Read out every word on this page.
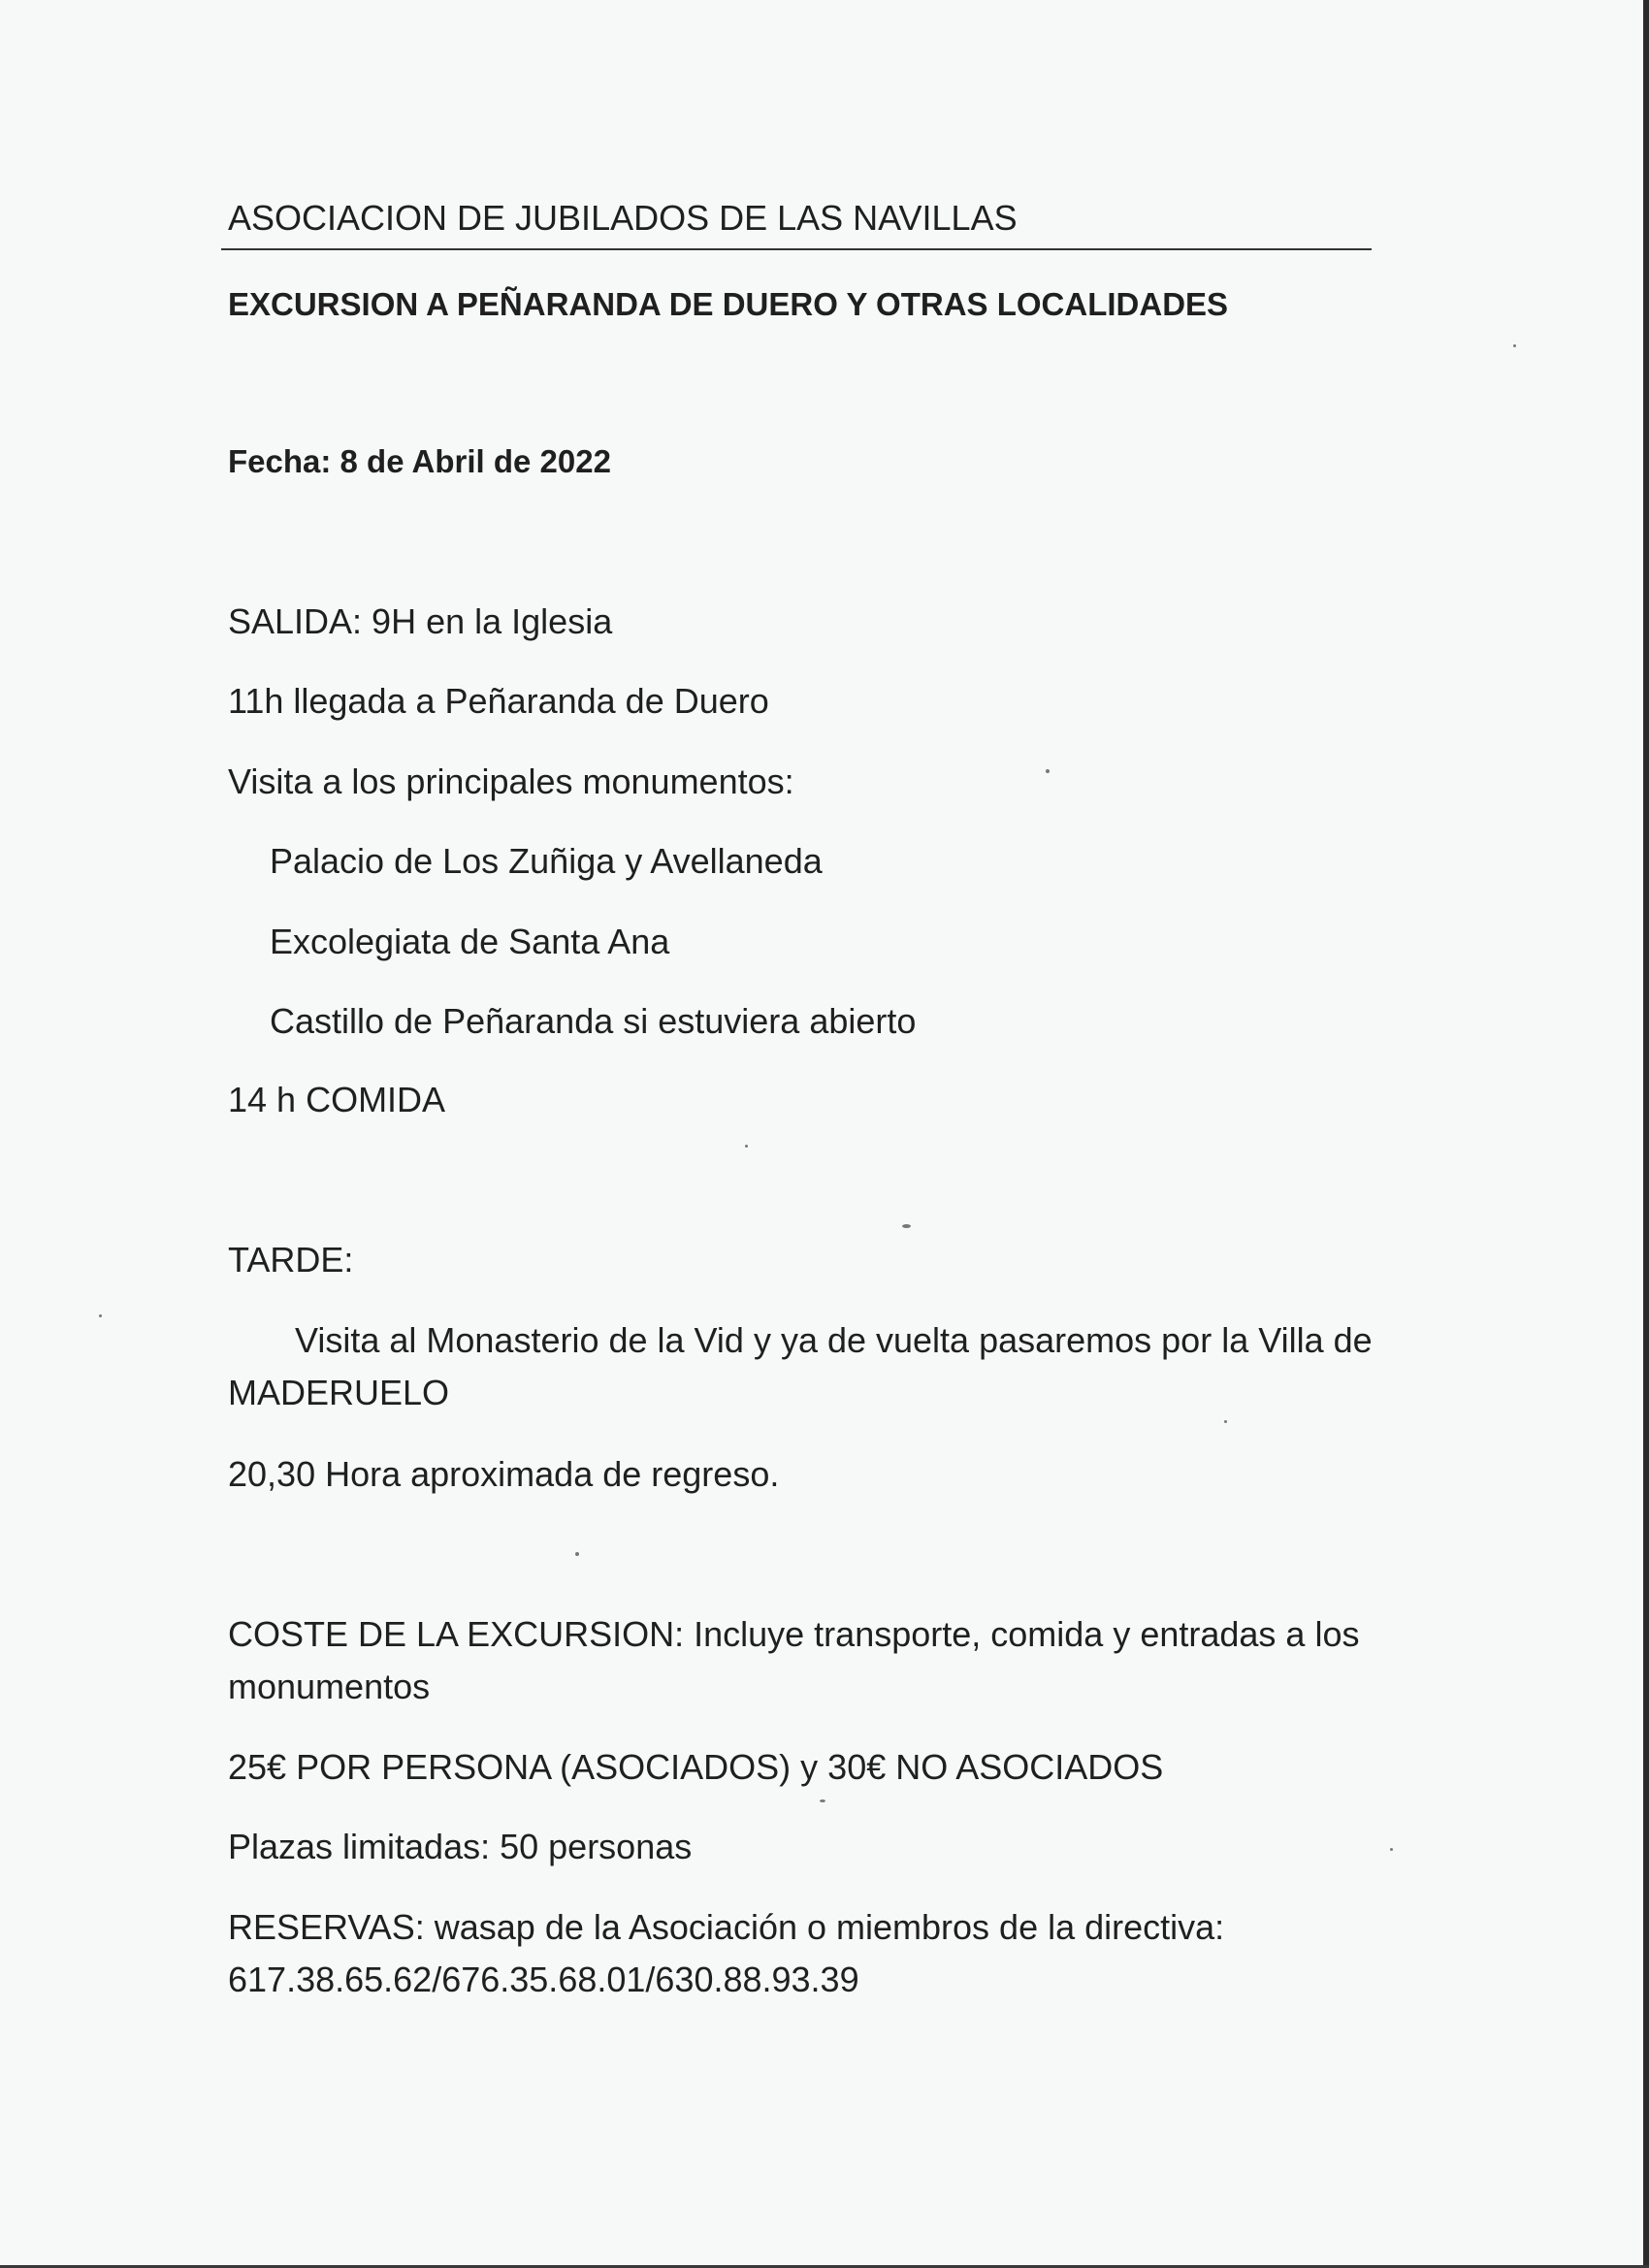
ASOCIACION DE JUBILADOS DE LAS NAVILLAS
EXCURSION A PEÑARANDA DE DUERO Y OTRAS LOCALIDADES
Fecha: 8 de Abril de 2022
SALIDA: 9H en la Iglesia
11h llegada a Peñaranda de Duero
Visita a los principales monumentos:
Palacio de Los Zuñiga y Avellaneda
Excolegiata de Santa Ana
Castillo de Peñaranda si estuviera abierto
14 h COMIDA
TARDE:
Visita al Monasterio de la Vid y ya de vuelta pasaremos por la Villa de
MADERUELO
20,30 Hora aproximada de regreso.
COSTE DE LA EXCURSION: Incluye transporte, comida y entradas a los
monumentos
25€ POR PERSONA (ASOCIADOS) y 30€ NO ASOCIADOS
Plazas limitadas: 50 personas
RESERVAS: wasap de la Asociación o miembros de la directiva:
617.38.65.62/676.35.68.01/630.88.93.39
